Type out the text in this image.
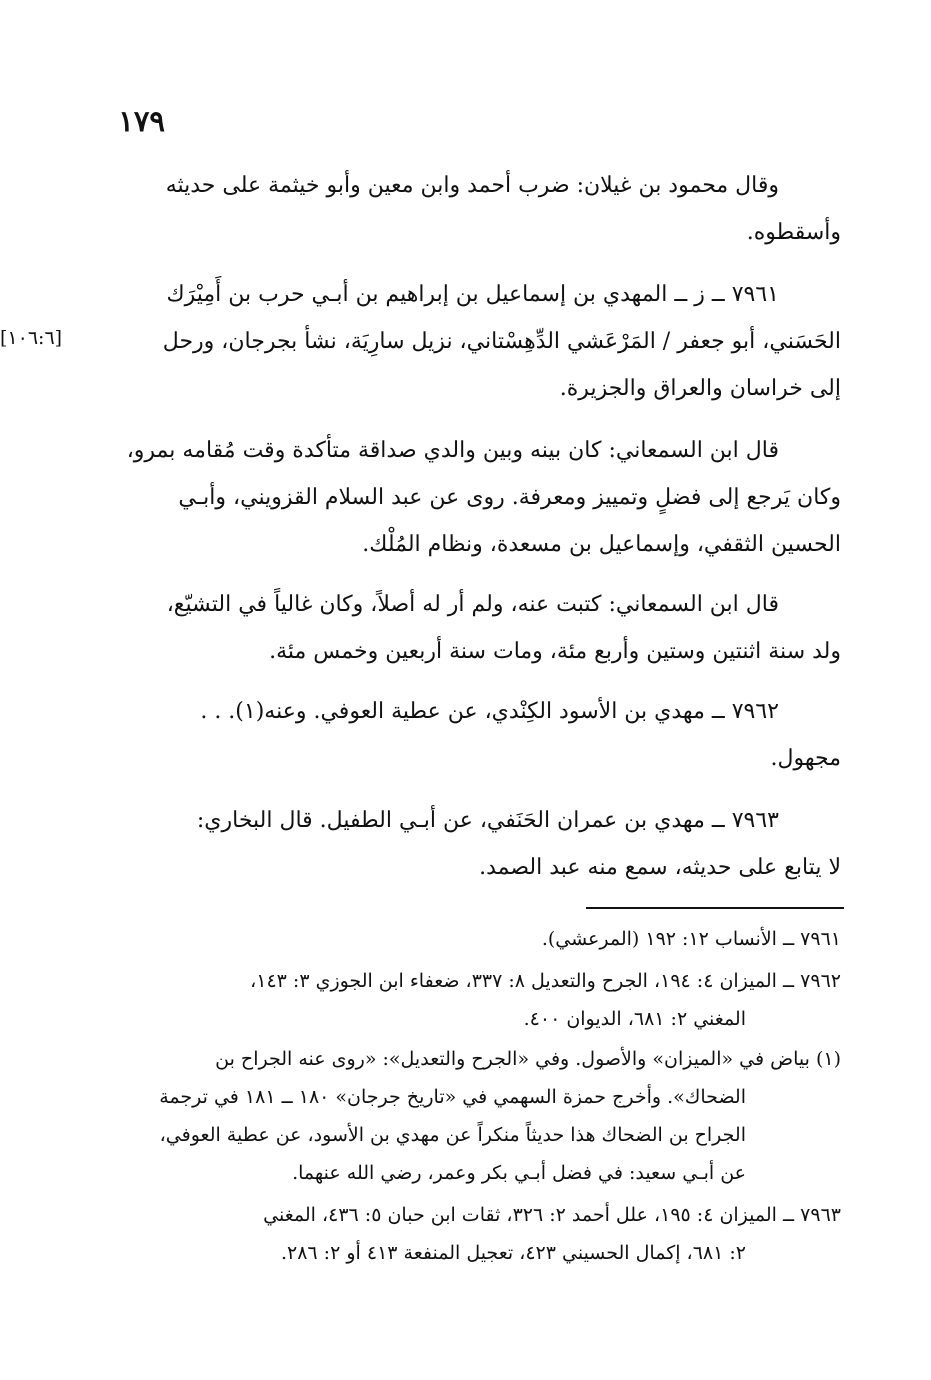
١٧٩
وقال محمود بن غيلان: ضرب أحمد وابن معين وأبو خيثمة على حديثه
وأسقطوه.
٧٩٦١ ــ ز ــ المهدي بن إسماعيل بن إبراهيم بن أبـي حرب بن أَمِيْرَك
الحَسَني، أبو جعفر / المَرْعَشي الدِّهِسْتاني، نزيل سارِيَة، نشأ بجرجان، ورحل
إلى خراسان والعراق والجزيرة.
[١٠٦:٦]
قال ابن السمعاني: كان بينه وبين والدي صداقة متأكدة وقت مُقامه بمرو،
وكان يَرجع إلى فضلٍ وتمييز ومعرفة. روى عن عبد السلام القزويني، وأبـي
الحسين الثقفي، وإسماعيل بن مسعدة، ونظام المُلْك.
قال ابن السمعاني: كتبت عنه، ولم أر له أصلاً، وكان غالياً في التشيّع،
ولد سنة اثنتين وستين وأربع مئة، ومات سنة أربعين وخمس مئة.
٧٩٦٢ ــ مهدي بن الأسود الكِنْدي، عن عطية العوفي. وعنه(١). . .
مجهول.
٧٩٦٣ ــ مهدي بن عمران الحَنَفي، عن أبـي الطفيل. قال البخاري:
لا يتابع على حديثه، سمع منه عبد الصمد.
٧٩٦١ ــ الأنساب ١٢: ١٩٢ (المرعشي).
٧٩٦٢ ــ الميزان ٤: ١٩٤، الجرح والتعديل ٨: ٣٣٧، ضعفاء ابن الجوزي ٣: ١٤٣،
المغني ٢: ٦٨١، الديوان ٤٠٠.
(١) بياض في «الميزان» والأصول. وفي «الجرح والتعديل»: «روى عنه الجراح بن
الضحاك». وأخرج حمزة السهمي في «تاريخ جرجان» ١٨٠ ــ ١٨١ في ترجمة
الجراح بن الضحاك هذا حديثاً منكراً عن مهدي بن الأسود، عن عطية العوفي،
عن أبـي سعيد: في فضل أبـي بكر وعمر، رضي الله عنهما.
٧٩٦٣ ــ الميزان ٤: ١٩٥، علل أحمد ٢: ٣٢٦، ثقات ابن حبان ٥: ٤٣٦، المغني
٢: ٦٨١، إكمال الحسيني ٤٢٣، تعجيل المنفعة ٤١٣ أو ٢: ٢٨٦.
